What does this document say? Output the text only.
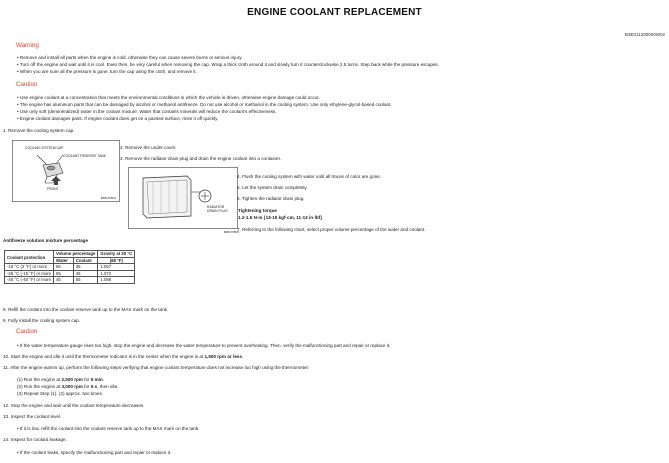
ENGINE COOLANT REPLACEMENT
B3E011200000W02
Warning
• Remove and install all parts when the engine is cold, otherwise they can cause severe burns or serious injury.
• Turn off the engine and wait until it is cool. Even then, be very careful when removing the cap. Wrap a thick cloth around it and slowly turn it counterclockwise 2.5 turns. Step back while the pressure escapes.
• When you are sure all the pressure is gone, turn the cap using the cloth, and remove it.
Caution
• Use engine coolant at a concentration that meets the environmental conditions in which the vehicle is driven, otherwise engine damage could occur.
• The engine has aluminum parts that can be damaged by alcohol or methanol antifreeze. Do not use alcohol or methanol in the cooling system. Use only ethylene-glycol-based coolant.
• Use only soft (demineralized) water in the coolant mixture. Water that contains minerals will reduce the coolant's effectiveness.
• Engine coolant damages paint. If engine coolant does get on a painted surface, rinse it off quickly.
1. Remove the cooling system cap.
COOLING SYSTEM CAP
COOLANT RESERVE TANK
FRONT
B4B1705N4
2. Remove the under cover.
3. Remove the radiator drain plug and drain the engine coolant into a container.
RADIATOR
DRAIN PLUG
B4B1705N5
4. Flush the cooling system with water until all traces of color are gone.
5. Let the system drain completely.
6. Tighten the radiator drain plug.
Tightening torque
1.2-1.5 N·m {13-15 kgf·cm, 11-13 in·lbf}
7. Referring to the following chart, select proper volume percentage of the water and coolant.
Antifreeze solution mixture percentage
Coolant protection	Volume percentage		Gravity at 20 °C
	Water	Coolant	(68 °F)
-16 °C {3 °F} or more	65	35	1.057
-26 °C {-15 °F} or more	55	45	1.072
-40 °C {-40 °F} or more	45	55	1.086
8. Refill the coolant into the coolant reserve tank up to the MAX mark on the tank.
9. Fully install the cooling system cap.
Caution
• If the water temperature gauge rises too high, stop the engine and decrease the water temperature to prevent overheating. Then, verify the malfunctioning part and repair or replace it.
10. Start the engine and idle it until the thermometer indicator is in the center when the engine is at 1,500 rpm or less.
11. After the engine warms up, perform the following steps verifying that engine coolant temperature does not increase too high using the thermometer.
(1) Run the engine at 2,500 rpm for 5 min.
(2) Run the engine at 3,000 rpm for 5 s, then idle.
(3) Repeat Step (1), (2) approx. two times.
12. Stop the engine and wait until the coolant temperature decreases.
13. Inspect the coolant level.
• If it is low, refill the coolant into the coolant reserve tank up to the MAX mark on the tank.
14. Inspect for coolant leakage.
• If the coolant leaks, specify the malfunctioning part and repair or replace it.
